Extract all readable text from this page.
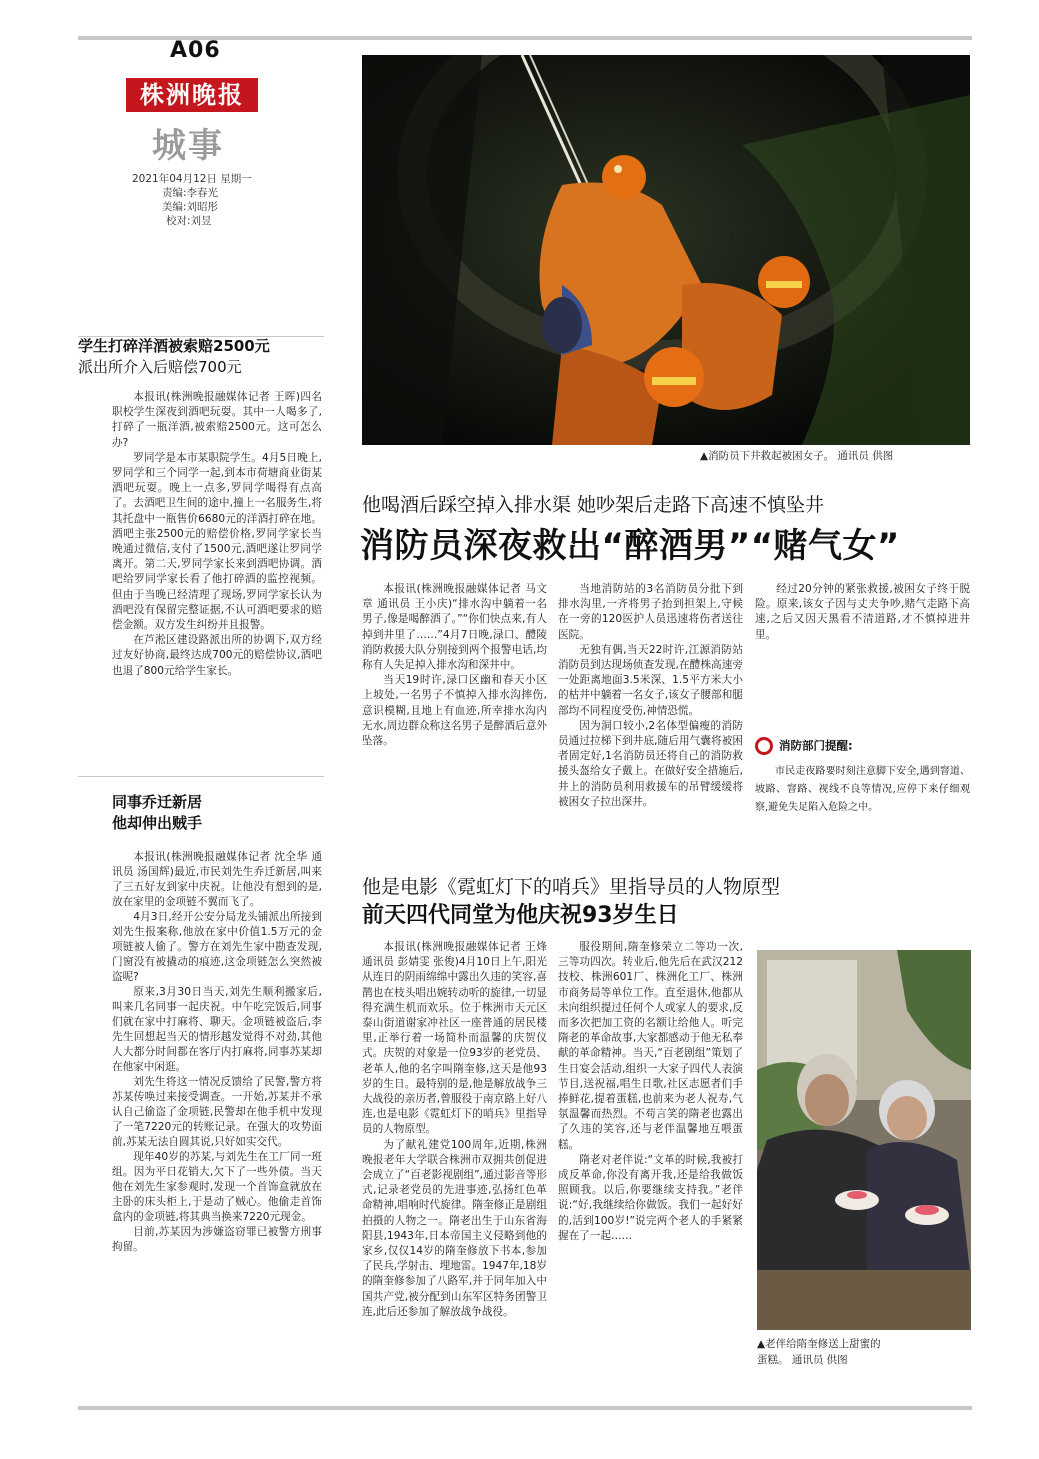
A06
株洲晚报
城事
2021年04月12日 星期一
责编:李春光
美编:刘昭彤
校对:刘昱
学生打碎洋酒被索赔2500元
派出所介入后赔偿700元

本报讯(株洲晚报融媒体记者 王晖)四名职校学生深夜到酒吧玩耍。其中一人喝多了,打碎了一瓶洋酒,被索赔2500元。这可怎么办?

罗同学是本市某职院学生。4月5日晚上,罗同学和三个同学一起,到本市荷塘商业街某酒吧玩耍。晚上一点多,罗同学喝得有点高了。去酒吧卫生间的途中,撞上一名服务生,将其托盘中一瓶售价6680元的洋酒打碎在地。酒吧主张2500元的赔偿价格,罗同学家长当晚通过微信,支付了1500元,酒吧遂让罗同学离开。第二天,罗同学家长来到酒吧协调。酒吧给罗同学家长看了他打碎酒的监控视频。但由于当晚已经清理了现场,罗同学家长认为酒吧没有保留完整证据,不认可酒吧要求的赔偿金额。双方发生纠纷并且报警。

在芦淞区建设路派出所的协调下,双方经过友好协商,最终达成700元的赔偿协议,酒吧也退了800元给学生家长。

同事乔迁新居
他却伸出贼手

本报讯(株洲晚报融媒体记者 沈全华 通讯员 汤国辉)最近,市民刘先生乔迁新居,叫来了三五好友到家中庆祝。让他没有想到的是,放在家里的金项链不翼而飞了。

4月3日,经开公安分局龙头铺派出所接到刘先生报案称,他放在家中价值1.5万元的金项链被人偷了。警方在刘先生家中勘查发现,门窗没有被撬动的痕迹,这金项链怎么突然被盗呢?

原来,3月30日当天,刘先生顺利搬家后,叫来几名同事一起庆祝。中午吃完饭后,同事们就在家中打麻将、聊天。金项链被盗后,李先生回想起当天的情形越发觉得不对劲,其他人大都分时间都在客厅内打麻将,同事苏某却在他家中闲逛。

刘先生将这一情况反馈给了民警,警方将苏某传唤过来接受调查。一开始,苏某并不承认自己偷盗了金项链,民警却在他手机中发现了一笔7220元的转账记录。在强大的攻势面前,苏某无法自圆其说,只好如实交代。

现年40岁的苏某,与刘先生在工厂同一班组。因为平日花销大,欠下了一些外债。当天他在刘先生家参观时,发现一个首饰盒就放在主卧的床头柜上,于是动了贼心。他偷走首饰盒内的金项链,将其典当换来7220元现金。

目前,苏某因为涉嫌盗窃罪已被警方刑事拘留。

▲消防员下井救起被困女子。 通讯员 供图
他喝酒后踩空掉入排水渠 她吵架后走路下高速不慎坠井
消防员深夜救出“醉酒男”“赌气女”

本报讯(株洲晚报融媒体记者 马文章 通讯员 王小庆)“排水沟中躺着一名男子,像是喝醉酒了。”“你们快点来,有人掉到井里了……”4月7日晚,渌口、醴陵消防救援大队分别接到两个报警电话,均称有人失足掉入排水沟和深井中。

当天19时许,渌口区幽和春天小区上坡处,一名男子不慎掉入排水沟摔伤,意识模糊,且地上有血迹,所幸排水沟内无水,周边群众称这名男子是醉酒后意外坠落。

当地消防站的3名消防员分批下到排水沟里,一齐将男子抬到担架上,守候在一旁的120医护人员迅速将伤者送往医院。

无独有偶,当天22时许,江源消防站消防员到达现场侦查发现,在醴株高速旁一处距离地面3.5米深、1.5平方米大小的枯井中躺着一名女子,该女子腰部和腿部均不同程度受伤,神情恐慌。

因为洞口较小,2名体型偏瘦的消防员通过拉梯下到井底,随后用气囊将被困者固定好,1名消防员还将自己的消防救援头盔给女子戴上。在做好安全措施后,井上的消防员利用救援车的吊臂缓缓将被困女子拉出深井。

经过20分钟的紧张救援,被困女子终于脱险。原来,该女子因与丈夫争吵,赌气走路下高速,之后又因天黑看不清道路,才不慎掉进井里。

消防部门提醒:
市民走夜路要时刻注意脚下安全,遇到窨道、坡路、窨路、视线不良等情况,应停下来仔细观察,避免失足陷入危险之中。
他是电影《霓虹灯下的哨兵》里指导员的人物原型
前天四代同堂为他庆祝93岁生日

本报讯(株洲晚报融媒体记者 王烽 通讯员 彭婧雯 张俊)4月10日上午,阳光从连日的阴雨绵绵中露出久违的笑容,喜鹊也在枝头唱出婉转动听的旋律,一切显得充满生机而欢乐。位于株洲市天元区泰山街道谢家冲社区一座普通的居民楼里,正举行着一场简朴而温馨的庆贺仪式。庆贺的对象是一位93岁的老党员、老革人,他的名字叫隋奎修,这天是他93岁的生日。最特别的是,他是解放战争三大战役的亲历者,曾服役于南京路上好八连,也是电影《霓虹灯下的哨兵》里指导员的人物原型。

为了献礼建党100周年,近期,株洲晚报老年大学联合株洲市双拥共创促进会成立了“百老影视剧组”,通过影音等形式,记录老党员的先进事迹,弘扬红色革命精神,唱响时代旋律。隋奎修正是剧组拍摄的人物之一。隋老出生于山东省海阳县,1943年,日本帝国主义侵略到他的家乡,仅仅14岁的隋奎修放下书本,参加了民兵,学射击、埋地雷。1947年,18岁的隋奎修参加了八路军,并于同年加入中国共产党,被分配到山东军区特务团警卫连,此后还参加了解放战争战役。

服役期间,隋奎修荣立二等功一次,三等功四次。转业后,他先后在武汉212技校、株洲601厂、株洲化工厂、株洲市商务局等单位工作。直至退休,他都从未向组织提过任何个人或家人的要求,反而多次把加工资的名额让给他人。听完隋老的革命故事,大家都感动于他无私奉献的革命精神。当天,“百老剧组”策划了生日宴会活动,组织一大家子四代人表演节目,送祝福,唱生日歌,社区志愿者们手捧鲜花,提着蛋糕,也前来为老人祝寿,气氛温馨而热烈。不苟言笑的隋老也露出了久违的笑容,还与老伴温馨地互喂蛋糕。

隋老对老伴说:“文革的时候,我被打成反革命,你没有离开我,还是给我做饭照顾我。以后,你要继续支持我。”老伴说:“好,我继续给你做饭。我们一起好好的,活到100岁!”说完两个老人的手紧紧握在了一起……

▲老伴给隋奎修送上甜蜜的
蛋糕。 通讯员 供图
